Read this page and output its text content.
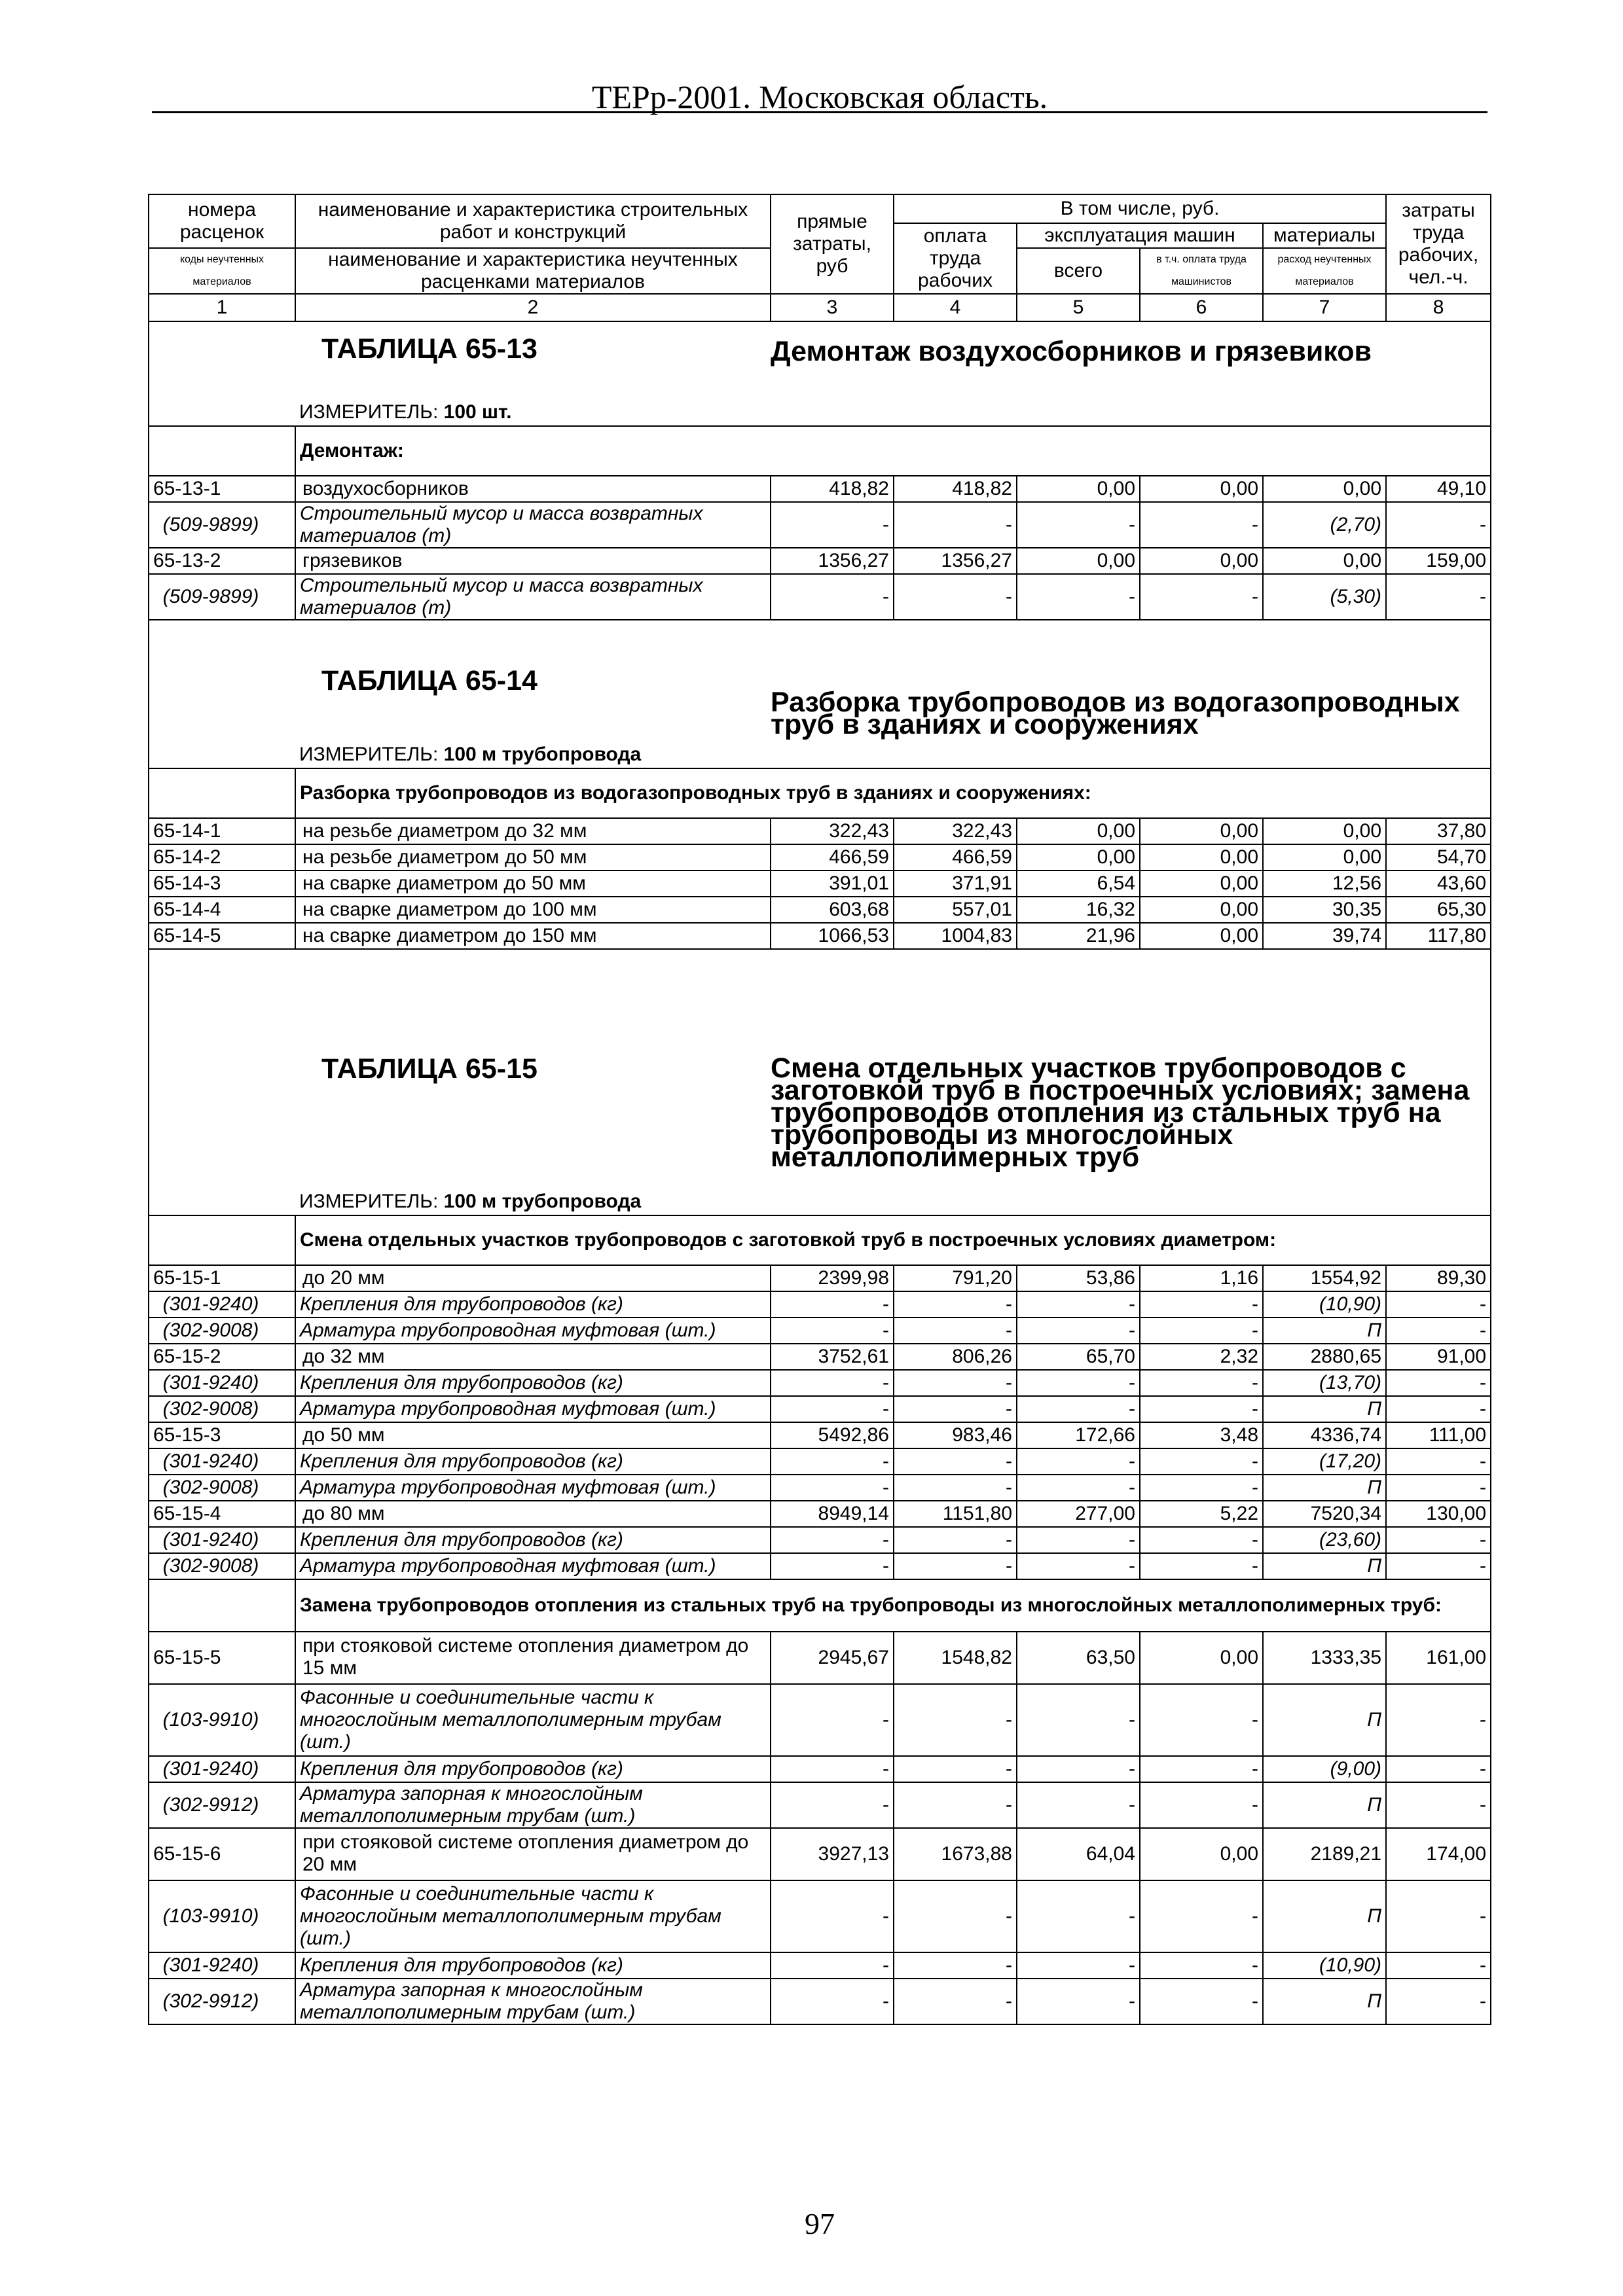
ТЕРр-2001. Московская область.
номера расценок	наименование и характеристика строительных работ и конструкций	прямые затраты, руб	В том числе, руб.				затраты труда рабочих, чел.-ч.
			оплата труда рабочих	эксплуатация машин		материалы	
коды неучтенных материалов	наименование и характеристика неучтенных расценками материалов			всего	в т.ч. оплата труда машинистов	расход неучтенных материалов	

1	2	3	4	5	6	7	8
	ТАБЛИЦА 65-13	Демонтаж воздухосборников и грязевиков					
	ИЗМЕРИТЕЛЬ: 100 шт.						
	Демонтаж:						
65-13-1	воздухосборников	418,82	418,82	0,00	0,00	0,00	49,10
(509-9899)	Строительный мусор и масса возвратных материалов (т)	-	-	-	-	(2,70)	-
65-13-2	грязевиков	1356,27	1356,27	0,00	0,00	0,00	159,00
(509-9899)	Строительный мусор и масса возвратных материалов (т)	-	-	-	-	(5,30)	-
	ТАБЛИЦА 65-14	Разборка трубопроводов из водогазопроводных труб в зданиях и сооружениях					
	ИЗМЕРИТЕЛЬ: 100 м трубопровода						
	Разборка трубопроводов из водогазопроводных труб в зданиях и сооружениях:						
65-14-1	на резьбе диаметром до 32 мм	322,43	322,43	0,00	0,00	0,00	37,80
65-14-2	на резьбе диаметром до 50 мм	466,59	466,59	0,00	0,00	0,00	54,70
65-14-3	на сварке диаметром до 50 мм	391,01	371,91	6,54	0,00	12,56	43,60
65-14-4	на сварке диаметром до 100 мм	603,68	557,01	16,32	0,00	30,35	65,30
65-14-5	на сварке диаметром до 150 мм	1066,53	1004,83	21,96	0,00	39,74	117,80
	ТАБЛИЦА 65-15	Смена отдельных участков трубопроводов с заготовкой труб в построечных условиях; замена трубопроводов отопления из стальных труб на трубопроводы из многослойных металлополимерных труб					
	ИЗМЕРИТЕЛЬ: 100 м трубопровода						
	Смена отдельных участков трубопроводов с заготовкой труб в построечных условиях диаметром:						
65-15-1	до 20 мм	2399,98	791,20	53,86	1,16	1554,92	89,30
(301-9240)	Крепления для трубопроводов (кг)	-	-	-	-	(10,90)	-
(302-9008)	Арматура трубопроводная муфтовая (шт.)	-	-	-	-	П	-
65-15-2	до 32 мм	3752,61	806,26	65,70	2,32	2880,65	91,00
(301-9240)	Крепления для трубопроводов (кг)	-	-	-	-	(13,70)	-
(302-9008)	Арматура трубопроводная муфтовая (шт.)	-	-	-	-	П	-
65-15-3	до 50 мм	5492,86	983,46	172,66	3,48	4336,74	111,00
(301-9240)	Крепления для трубопроводов (кг)	-	-	-	-	(17,20)	-
(302-9008)	Арматура трубопроводная муфтовая (шт.)	-	-	-	-	П	-
65-15-4	до 80 мм	8949,14	1151,80	277,00	5,22	7520,34	130,00
(301-9240)	Крепления для трубопроводов (кг)	-	-	-	-	(23,60)	-
(302-9008)	Арматура трубопроводная муфтовая (шт.)	-	-	-	-	П	-
	Замена трубопроводов отопления из стальных труб на трубопроводы из многослойных металлополимерных труб:						
65-15-5	при стояковой системе отопления диаметром до 15 мм	2945,67	1548,82	63,50	0,00	1333,35	161,00
(103-9910)	Фасонные и соединительные части к многослойным металлополимерным трубам (шт.)	-	-	-	-	П	-
(301-9240)	Крепления для трубопроводов (кг)	-	-	-	-	(9,00)	-
(302-9912)	Арматура запорная к многослойным металлополимерным трубам (шт.)	-	-	-	-	П	-
65-15-6	при стояковой системе отопления диаметром до 20 мм	3927,13	1673,88	64,04	0,00	2189,21	174,00
(103-9910)	Фасонные и соединительные части к многослойным металлополимерным трубам (шт.)	-	-	-	-	П	-
(301-9240)	Крепления для трубопроводов (кг)	-	-	-	-	(10,90)	-
(302-9912)	Арматура запорная к многослойным металлополимерным трубам (шт.)	-	-	-	-	П	-
97
